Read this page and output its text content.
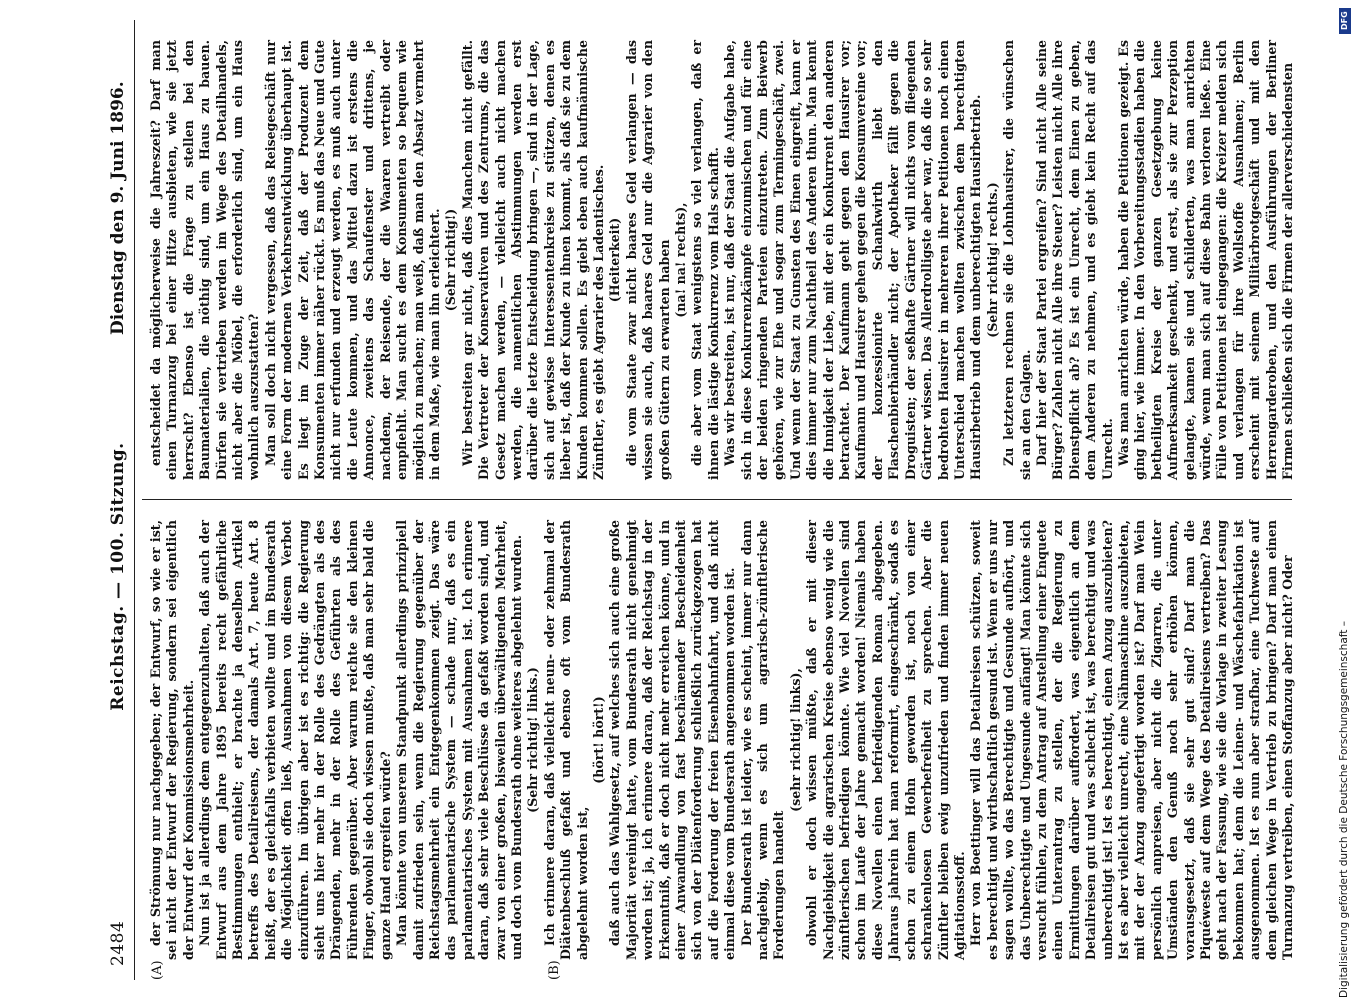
2484Reichstag. — 100. Sitzung.
Dienstag den 9. Juni 1896.
(A)	(B)

der Strömung nur nachgegeben; der Entwurf, so wie er ist, sei nicht der Entwurf der Regierung, sondern sei eigentlich der Entwurf der Kommissionsmehrheit. Nun ist ja allerdings dem entgegenzuhalten, daß auch der Entwurf aus dem Jahre 1895 bereits recht gefährliche Bestimmungen enthielt; er brachte ja denselben Artikel betreffs des Detailreisens, der damals Art. 7, heute Art. 8 heißt, der es gleichfalls verbieten wollte und im Bundesrath die Möglichkeit offen ließ, Ausnahmen von diesem Verbot einzuführen. Im übrigen aber ist es richtig: die Regierung sieht uns hier mehr in der Rolle des Gedrängten als des Drängenden, mehr in der Rolle des Geführten als des Führenden gegenüber. Aber warum reichte sie den kleinen Finger, obwohl sie doch wissen mußte, daß man sehr bald die ganze Hand ergreifen würde? Man könnte von unserem Standpunkt allerdings prinzipiell damit zufrieden sein, wenn die Regierung gegenüber der Reichstagsmehrheit ein Entgegenkommen zeigt. Das wäre das parlamentarische System — schade nur, daß es ein parlamentarisches System mit Ausnahmen ist. Ich erinnere daran, daß sehr viele Beschlüsse da gefaßt worden sind, und zwar von einer großen, bisweilen überwältigenden Mehrheit, und doch vom Bundesrath ohne weiteres abgelehnt wurden. (Sehr richtig! links.) Ich erinnere daran, daß vielleicht neun- oder zehnmal der Diätenbeschluß gefaßt und ebenso oft vom Bundesrath abgelehnt worden ist,

(hört! hört!) daß auch das Wahlgesetz, auf welches sich auch eine große Majorität vereinigt hatte, vom Bundesrath nicht genehmigt worden ist; ja, ich erinnere daran, daß der Reichstag in der Erkenntniß, daß er doch nicht mehr erreichen könne, und in einer Anwandlung von fast beschämender Bescheidenheit sich von der Diätenforderung schließlich zurückgezogen hat auf die Forderung der freien Eisenbahnfahrt, und daß nicht einmal diese vom Bundesrath angenommen worden ist. Der Bundesrath ist leider, wie es scheint, immer nur dann nachgiebig, wenn es sich um agrarisch-zünftlerische Forderungen handelt

(sehr richtig! links), obwohl er doch wissen müßte, daß er mit dieser Nachgiebigkeit die agrarischen Kreise ebenso wenig wie die zünftlerischen befriedigen könnte. Wie viel Novellen sind schon im Laufe der Jahre gemacht worden! Niemals haben diese Novellen einen befriedigenden Roman abgegeben. Jahraus jahrein hat man reformirt, eingeschränkt, sodaß es schon zu einem Hohn geworden ist, noch von einer schrankenlosen Gewerbefreiheit zu sprechen. Aber die Zünftler bleiben ewig unzufrieden und finden immer neuen Agitationsstoff. Herr von Boettinger will das Detailreisen schützen, soweit es berechtigt und wirthschaftlich gesund ist. Wenn er uns nur sagen wollte, wo das Berechtigte und Gesunde aufhört, und das Unberechtigte und Ungesunde anfängt! Man könnte sich versucht fühlen, zu dem Antrag auf Anstellung einer Enquete einen Unterantrag zu stellen, der die Regierung zu Ermittlungen darüber auffordert, was eigentlich an dem Detailreisen gut und was schlecht ist, was berechtigt und was unberechtigt ist! Ist es berechtigt, einen Anzug auszubieten? Ist es aber vielleicht unrecht, eine Nähmaschine auszubieten, mit der der Anzug angefertigt worden ist? Darf man Wein persönlich anpreisen, aber nicht die Zigarren, die unter Umständen den Genuß noch sehr erhöhen können, vorausgesetzt, daß sie sehr gut sind? Darf man die Piquéweste auf dem Wege des Detailreisens vertreiben? Das geht nach der Fassung, wie sie die Vorlage in zweiter Lesung bekommen hat; denn die Leinen- und Wäschefabrikation ist ausgenommen. Ist es nun aber strafbar, eine Tuchweste auf dem gleichen Wege in Vertrieb zu bringen? Darf man einen Turnanzug vertreiben, einen Stoffanzug aber nicht? Oder

entscheidet da möglicherweise die Jahreszeit? Darf man einen Turnanzug bei einer Hitze ausbieten, wie sie jetzt herrscht? Ebenso ist die Frage zu stellen bei den Baumaterialien, die nöthig sind, um ein Haus zu bauen. Dürfen sie vertrieben werden im Wege des Detailhandels, nicht aber die Möbel, die erforderlich sind, um ein Haus wohnlich auszustatten? Man soll doch nicht vergessen, daß das Reisegeschäft nur eine Form der modernen Verkehrsentwicklung überhaupt ist. Es liegt im Zuge der Zeit, daß der Produzent dem Konsumenten immer näher rückt. Es muß das Neue und Gute nicht nur erfunden und erzeugt werden, es muß auch unter die Leute kommen, und das Mittel dazu ist erstens die Annonce, zweitens das Schaufenster und drittens, je nachdem, der Reisende, der die Waaren vertreibt oder empfiehlt. Man sucht es dem Konsumenten so bequem wie möglich zu machen; man weiß, daß man den Absatz vermehrt in dem Maße, wie man ihn erleichtert. (Sehr richtig!) Wir bestreiten gar nicht, daß dies Manchem nicht gefällt. Die Vertreter der Konservativen und des Zentrums, die das Gesetz machen werden, — vielleicht auch nicht machen werden, die namentlichen Abstimmungen werden erst darüber die letzte Entscheidung bringen —, sind in der Lage, sich auf gewisse Interessentenkreise zu stützen, denen es lieber ist, daß der Kunde zu ihnen kommt, als daß sie zu dem Kunden kommen sollen. Es giebt eben auch kaufmännische Zünftler, es giebt Agrarier des Ladentisches. (Heiterkeit) die vom Staate zwar nicht baares Geld verlangen — das wissen sie auch, daß baares Geld nur die Agrarier von den großen Gütern zu erwarten haben (na! na! rechts), die aber vom Staat wenigstens so viel verlangen, daß er ihnen die lästige Konkurrenz vom Hals schafft. Was wir bestreiten, ist nur, daß der Staat die Aufgabe habe, sich in diese Konkurrenzkämpfe einzumischen und für eine der beiden ringenden Parteien einzutreten. Zum Beiwerb gehören, wie zur Ehe und sogar zum Termingeschäft, zwei. Und wenn der Staat zu Gunsten des Einen eingreift, kann er dies immer nur zum Nachtheil des Anderen thun. Man kennt die Innigkeit der Liebe, mit der ein Konkurrent den anderen betrachtet. Der Kaufmann geht gegen den Hausirer vor; Kaufmann und Hausirer gehen gegen die Konsumvereine vor; der konzessionirte Schankwirth liebt den Flaschenbierhändler nicht; der Apotheker fällt gegen die Droguisten; der seßhafte Gärtner will nichts vom fliegenden Gärtner wissen. Das Allerdrolligste aber war, daß die so sehr bedrohten Hausirer in mehreren ihrer Petitionen noch einen Unterschied machen wollten zwischen dem berechtigten Hausirbetrieb und dem unberechtigten Hausirbetrieb. (Sehr richtig! rechts.) Zu letzteren rechnen sie die Lohnhausirer, die wünschen sie an den Galgen. Darf hier der Staat Partei ergreifen? Sind nicht Alle seine Bürger? Zahlen nicht Alle ihre Steuer? Leisten nicht Alle ihre Dienstpflicht ab? Es ist ein Unrecht, dem Einen zu geben, dem Anderen zu nehmen, und es giebt kein Recht auf das Unrecht. Was man anrichten würde, haben die Petitionen gezeigt. Es ging hier, wie immer. In den Vorbereitungsstadien haben die betheiligten Kreise der ganzen Gesetzgebung keine Aufmerksamkeit geschenkt, und erst, als sie zur Perzeption gelangte, kamen sie und schilderten, was man anrichten würde, wenn man sich auf diese Bahn verloren ließe. Eine Fülle von Petitionen ist eingegangen: die Kreizer melden sich und verlangen für ihre Wollstoffe Ausnahmen; Berlin erscheint mit seinem Militärbrotgeschäft und mit den Herrengarderoben, und den Ausführungen der Berliner Firmen schließen sich die Firmen der allerverschiedensten

DFG
Digitalisierung gefördert durch die Deutsche Forschungsgemeinschaft –
